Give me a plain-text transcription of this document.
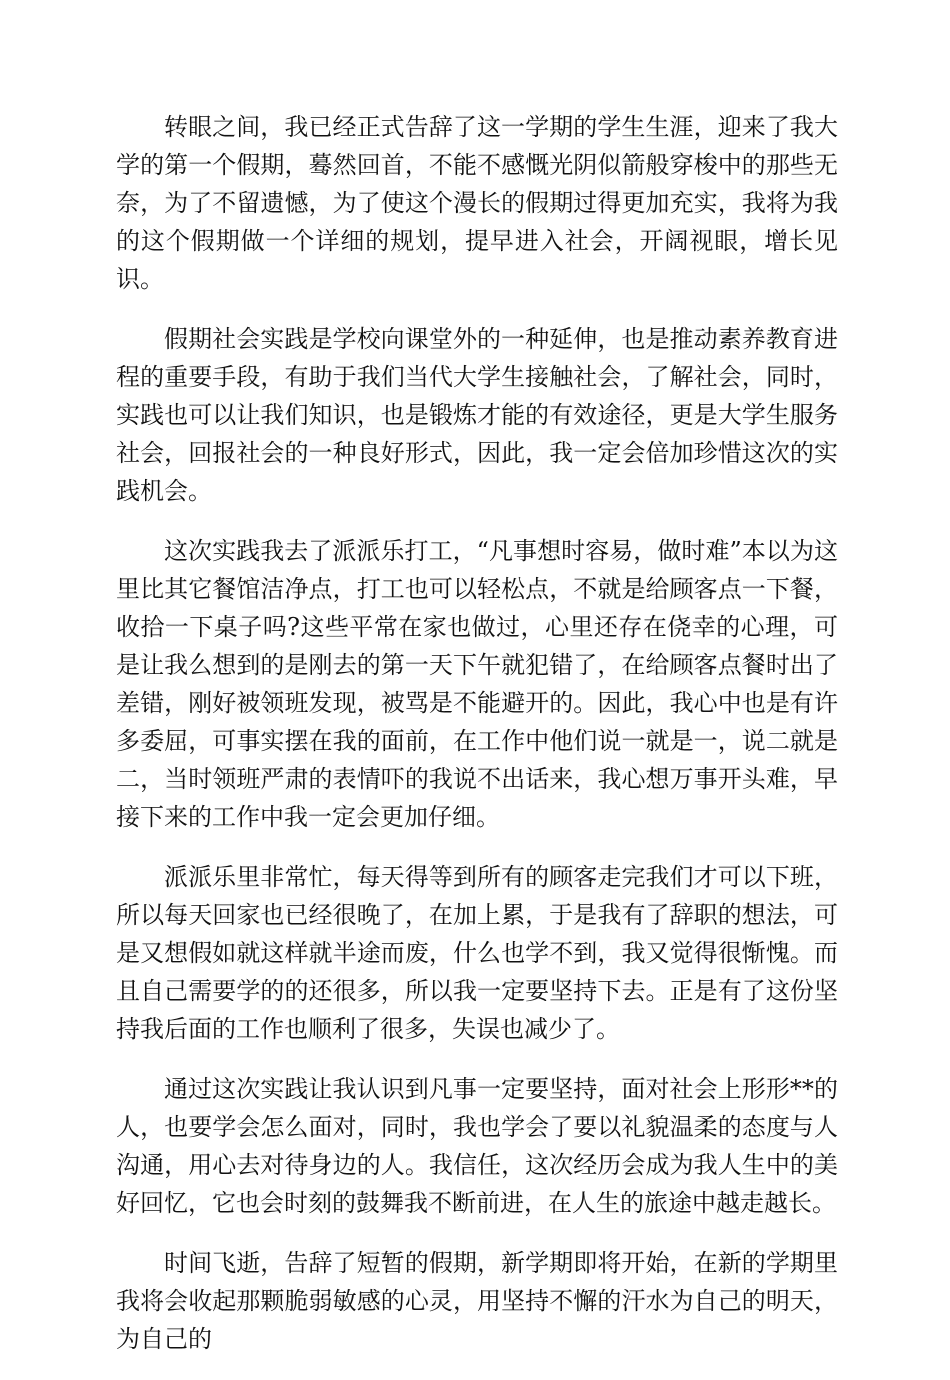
转眼之间，我已经正式告辞了这一学期的学生生涯，迎来了我大学的第一个假期，蓦然回首，不能不感慨光阴似箭般穿梭中的那些无奈，为了不留遗憾，为了使这个漫长的假期过得更加充实，我将为我的这个假期做一个详细的规划，提早进入社会，开阔视眼，增长见识。

假期社会实践是学校向课堂外的一种延伸，也是推动素养教育进程的重要手段，有助于我们当代大学生接触社会，了解社会，同时，实践也可以让我们知识，也是锻炼才能的有效途径，更是大学生服务社会，回报社会的一种良好形式，因此，我一定会倍加珍惜这次的实践机会。

这次实践我去了派派乐打工，“凡事想时容易，做时难”本以为这里比其它餐馆洁净点，打工也可以轻松点，不就是给顾客点一下餐，收拾一下桌子吗?这些平常在家也做过，心里还存在侥幸的心理，可是让我么想到的是刚去的第一天下午就犯错了，在给顾客点餐时出了差错，刚好被领班发现，被骂是不能避开的。因此，我心中也是有许多委屈，可事实摆在我的面前，在工作中他们说一就是一，说二就是二，当时领班严肃的表情吓的我说不出话来，我心想万事开头难，早接下来的工作中我一定会更加仔细。

派派乐里非常忙，每天得等到所有的顾客走完我们才可以下班，所以每天回家也已经很晚了，在加上累，于是我有了辞职的想法，可是又想假如就这样就半途而废，什么也学不到，我又觉得很惭愧。而且自己需要学的的还很多，所以我一定要坚持下去。正是有了这份坚持我后面的工作也顺利了很多，失误也减少了。

通过这次实践让我认识到凡事一定要坚持，面对社会上形形**的人，也要学会怎么面对，同时，我也学会了要以礼貌温柔的态度与人沟通，用心去对待身边的人。我信任，这次经历会成为我人生中的美好回忆，它也会时刻的鼓舞我不断前进，在人生的旅途中越走越长。

时间飞逝，告辞了短暂的假期，新学期即将开始，在新的学期里我将会收起那颗脆弱敏感的心灵，用坚持不懈的汗水为自己的明天，为自己的
